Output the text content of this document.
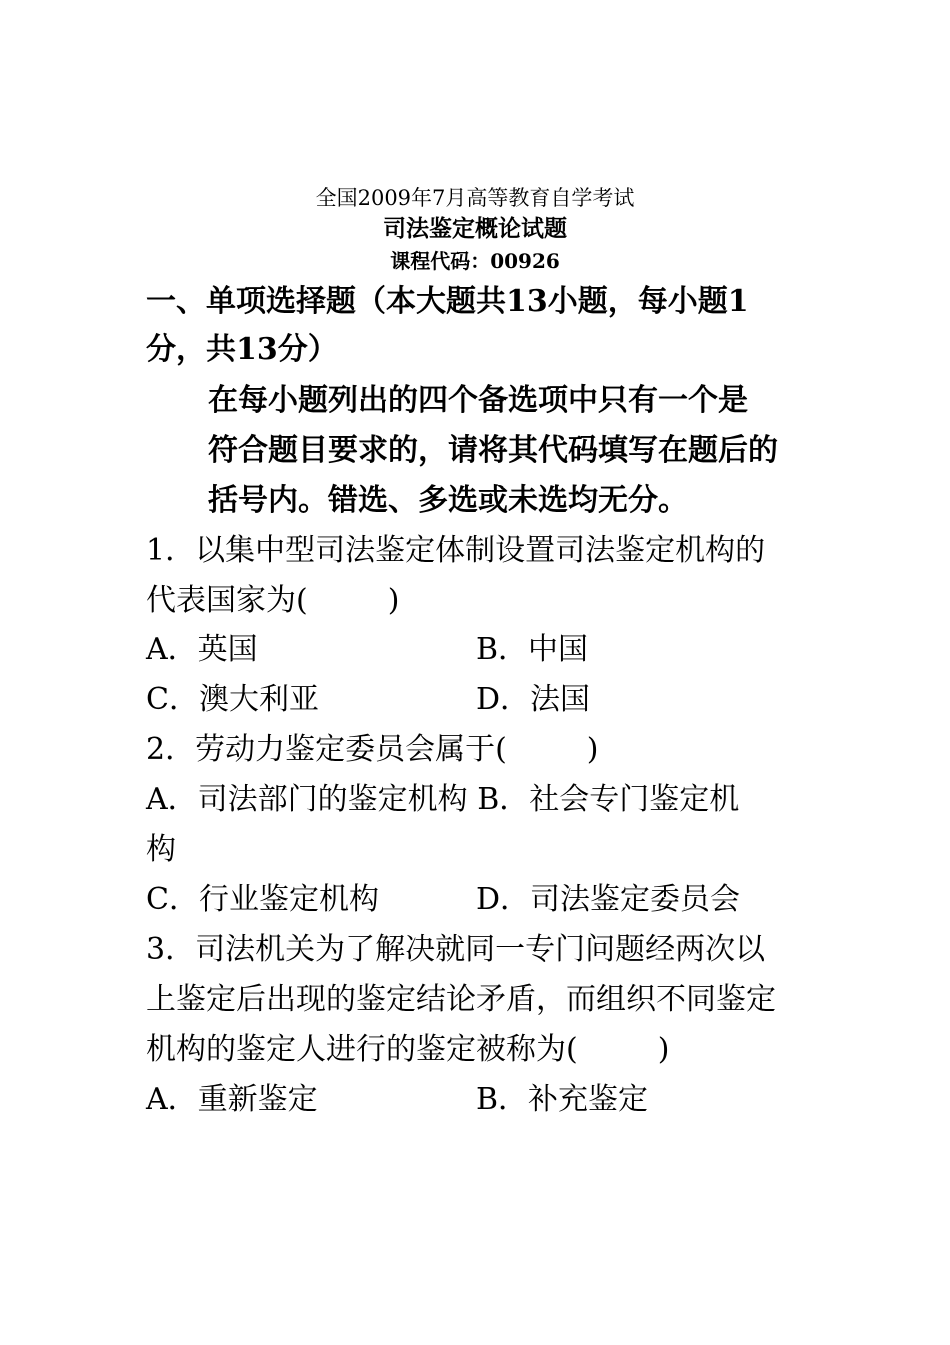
全国2009年7月高等教育自学考试
司法鉴定概论试题
课程代码：00926
一、单项选择题（本大题共13小题，每小题1
分，共13分）
在每小题列出的四个备选项中只有一个是
符合题目要求的，请将其代码填写在题后的
括号内。错选、多选或未选均无分。
1．以集中型司法鉴定体制设置司法鉴定机构的
代表国家为(	)
A．英国	B．中国
C．澳大利亚	D．法国
2．劳动力鉴定委员会属于(	)
A．司法部门的鉴定机构 B．社会专门鉴定机
构
C．行业鉴定机构	D．司法鉴定委员会
3．司法机关为了解决就同一专门问题经两次以
上鉴定后出现的鉴定结论矛盾，而组织不同鉴定
机构的鉴定人进行的鉴定被称为(	)
A．重新鉴定	B．补充鉴定
